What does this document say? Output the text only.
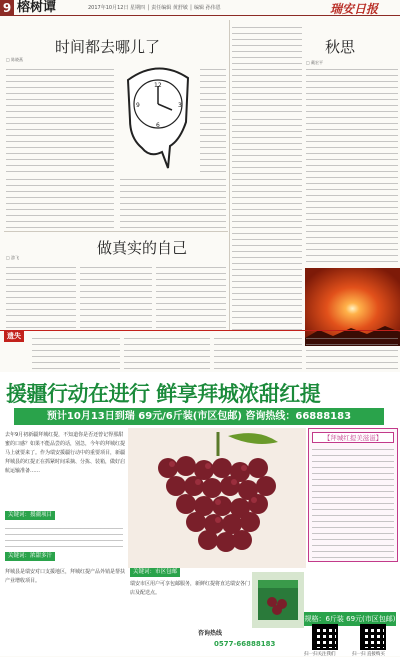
9 榕树谭	2017年10月12日 星期四 │ 责任编辑 黄舒敏 │ 编辑 孙伟恩	瑞安日报
时间都去哪儿了
□ 陈晓燕
12
3
6
9
秋思
□ 戴宏平
做真实的自己
□ 游飞
遗失
援疆行动在进行 鲜享拜城浓甜红提
预计10月13日到瑞 69元/6斤装(市区包邮) 咨询热线：66888183
去年9月初新疆拜城红提，不知道你是否还曾记得那甜蜜的口感？如果不能品尝的话，别急，今年的拜城红提马上就要来了。作为瑞安援疆行动中的重要项目，新疆拜城县的红提正在抓紧时间采摘、分拣、装箱，做好启航运输准备……
关键词：援疆项目
关键词：浓甜多汁
拜城县是瑞安对口支援地区，拜城红提产品外销是帮扶产业增收项目。
关键词：市区包邮
瑞安市区用户可享包邮服务，新鲜红提将直达瑞安各门店及配送点。
咨询热线
0577-66888183
【拜城红提美滋滋】
规格：6斤装 69元(市区包邮)
扫一扫关注我们	扫一扫 直接购买
